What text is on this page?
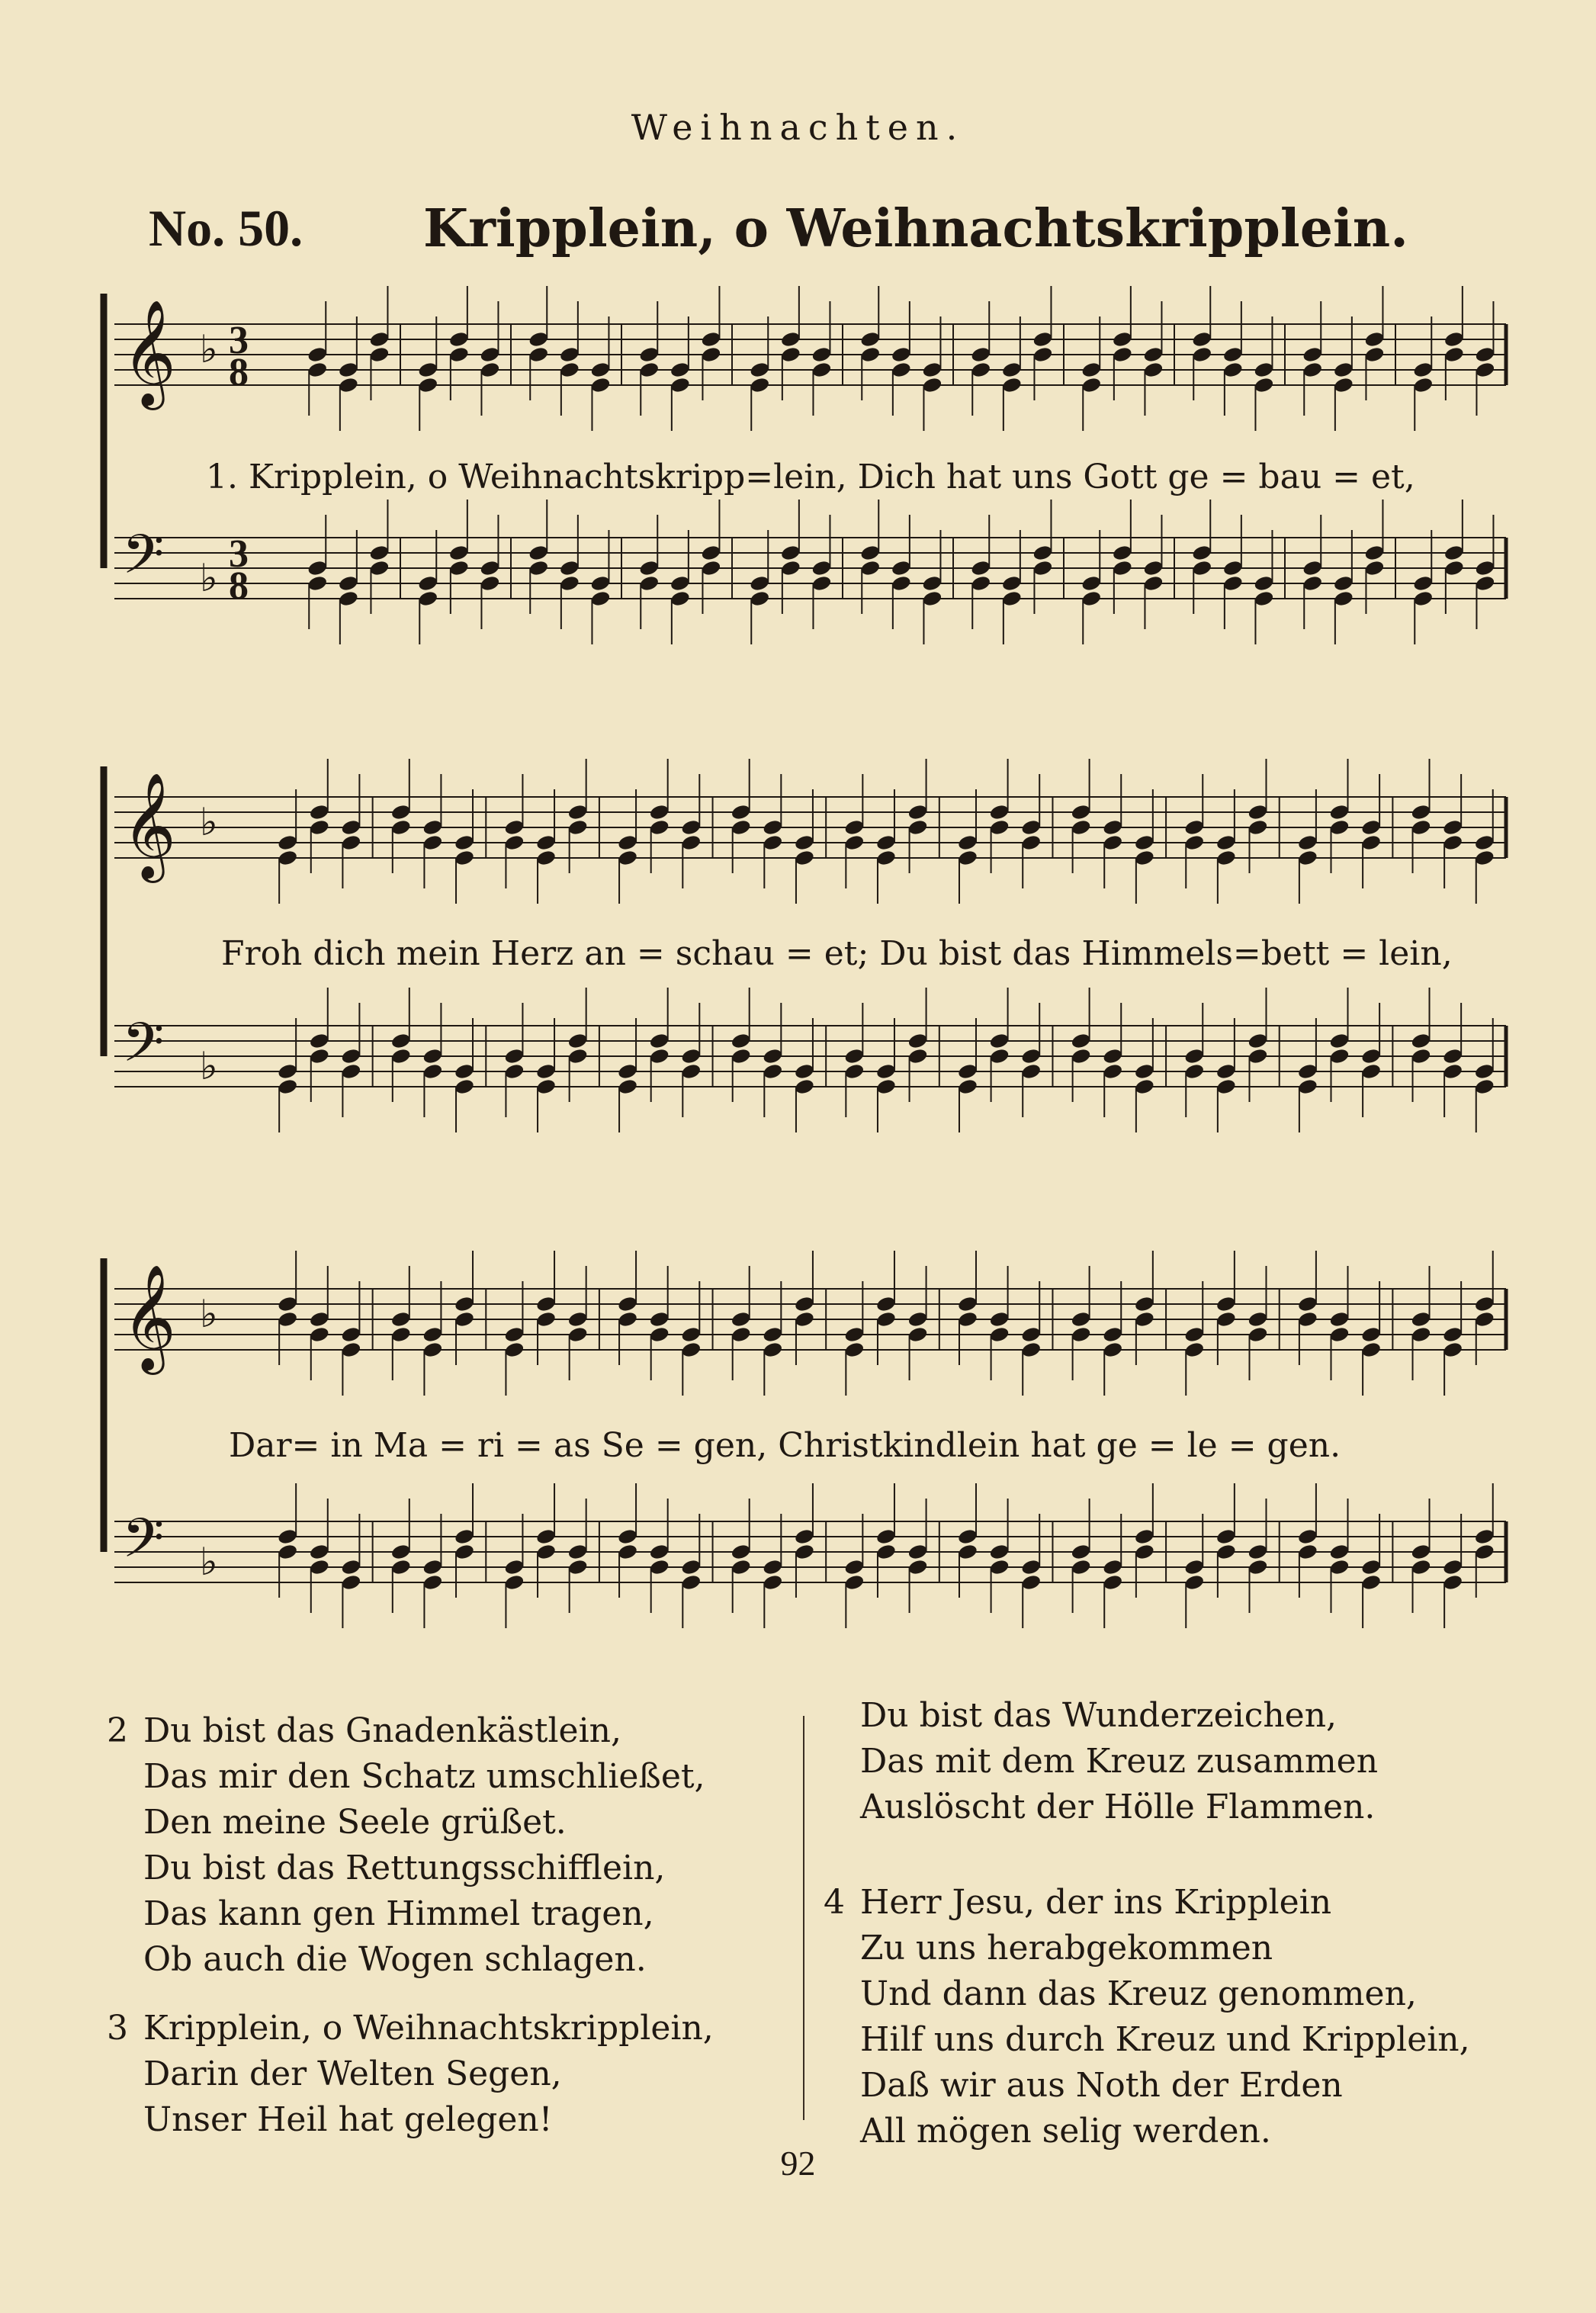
Weihnachten.
No. 50. Kripplein, o Weihnachtskripplein.
𝄞 ♭ 3
8
𝄢 ♭
3
8
𝄞 ♭
𝄢 ♭
𝄞 ♭
𝄢 ♭
1. Kripplein, o Weihnachtskripp=lein, Dich hat uns Gott ge = bau = et,
Froh dich mein Herz an = schau = et; Du bist das Himmels=bett = lein,
Dar= in Ma = ri = as Se = gen, Christkindlein hat ge = le = gen.
2 Du bist das Gnadenkästlein,
Das mir den Schatz umschließet,
Den meine Seele grüßet.
Du bist das Rettungsschifflein,
Das kann gen Himmel tragen,
Ob auch die Wogen schlagen.
3 Kripplein, o Weihnachtskripplein,
Darin der Welten Segen,
Unser Heil hat gelegen!
Du bist das Wunderzeichen,
Das mit dem Kreuz zusammen
Auslöscht der Hölle Flammen.
4 Herr Jesu, der ins Kripplein
Zu uns herabgekommen
Und dann das Kreuz genommen,
Hilf uns durch Kreuz und Kripplein,
Daß wir aus Noth der Erden
All mögen selig werden.
92
